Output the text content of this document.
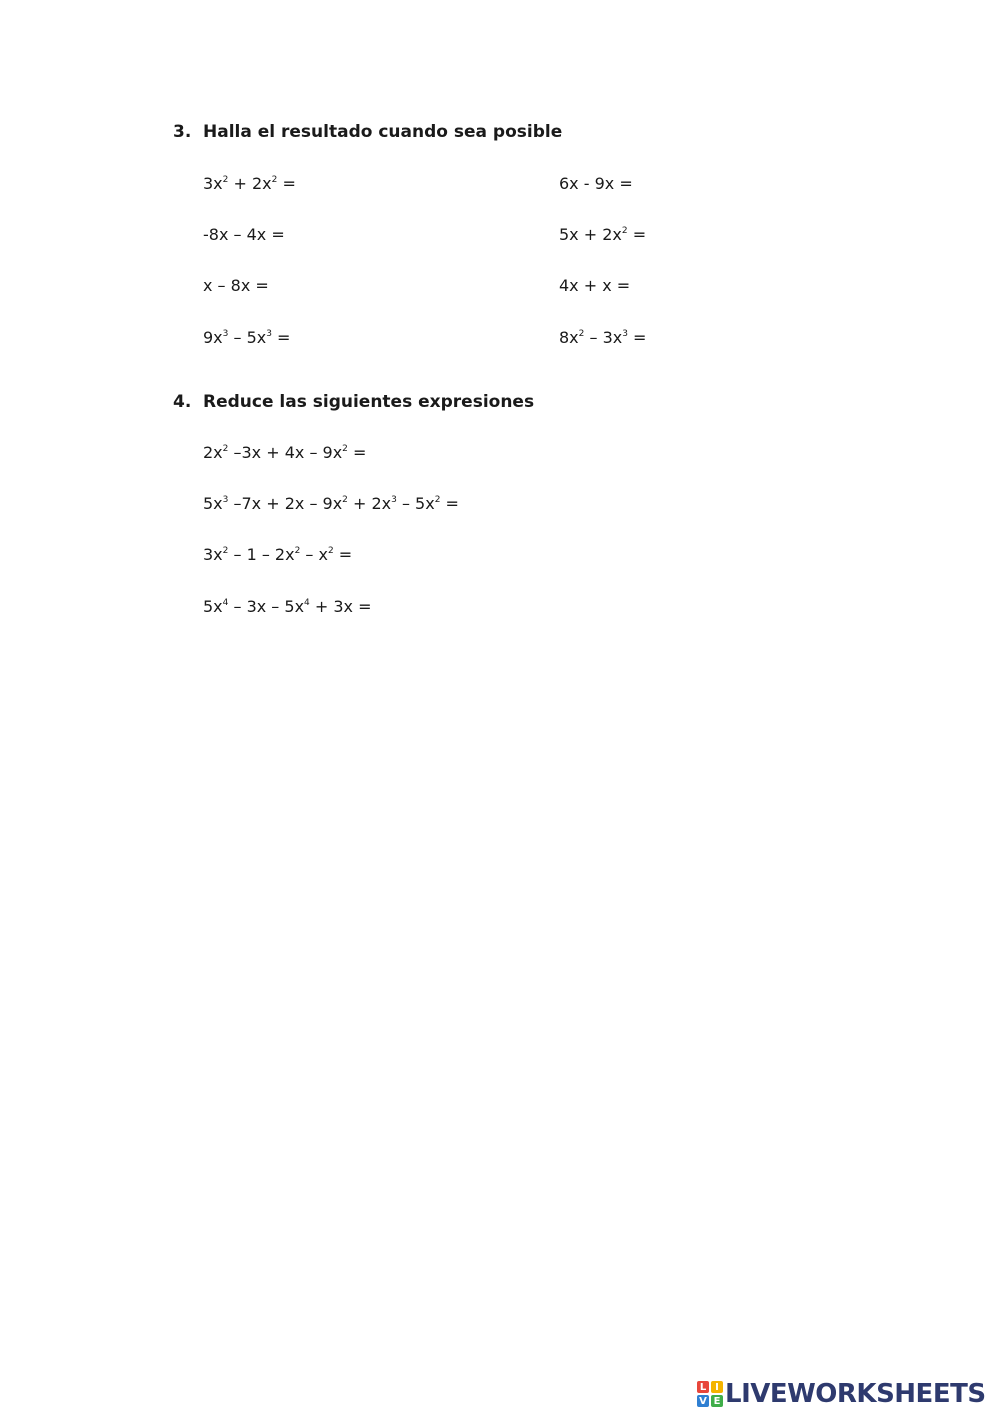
3. Halla el resultado cuando sea posible
$3x^2 + 2x^2$ =
-8x – 4x =
x – 8x =
$9x^3 - 5x^3$ =
6x - 9x =
$5x + 2x^2$ =
4x + x =
$8x^2 - 3x^3$ =
4. Reduce las siguientes expresiones
$2x^2$ $-3x + 4x - 9x^2$ =
$5x^3$ $-7x + 2x - 9x^2 + 2x^3 - 5x^2$ =
$3x^2 - 1 - 2x^2 - x^2$ =
$5x^4 - 3x - 5x^4 + 3x$ =
L I
V E LIVEWORKSHEETS
